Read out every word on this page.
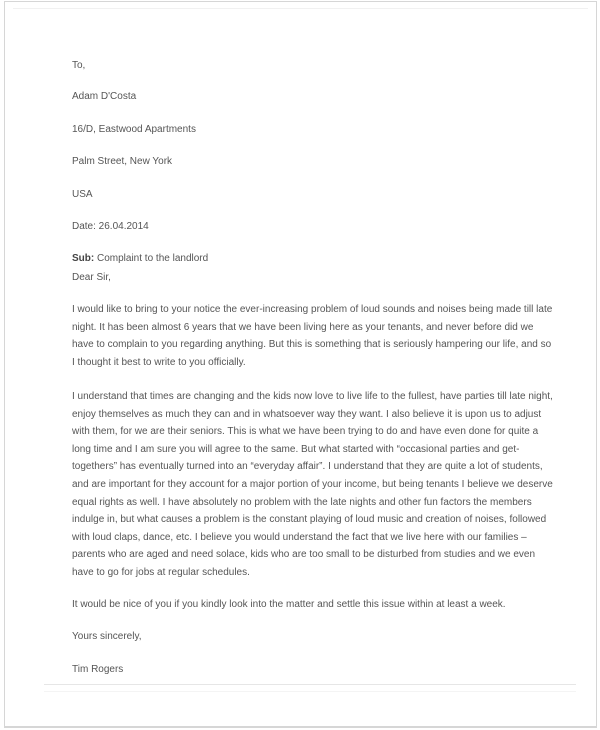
To,
Adam D'Costa
16/D, Eastwood Apartments
Palm Street, New York
USA
Date: 26.04.2014
Sub: Complaint to the landlord
Dear Sir,
I would like to bring to your notice the ever-increasing problem of loud sounds and noises being made till late
night. It has been almost 6 years that we have been living here as your tenants, and never before did we
have to complain to you regarding anything. But this is something that is seriously hampering our life, and so
I thought it best to write to you officially.
I understand that times are changing and the kids now love to live life to the fullest, have parties till late night,
enjoy themselves as much they can and in whatsoever way they want. I also believe it is upon us to adjust
with them, for we are their seniors. This is what we have been trying to do and have even done for quite a
long time and I am sure you will agree to the same. But what started with “occasional parties and get-
togethers” has eventually turned into an “everyday affair”. I understand that they are quite a lot of students,
and are important for they account for a major portion of your income, but being tenants I believe we deserve
equal rights as well. I have absolutely no problem with the late nights and other fun factors the members
indulge in, but what causes a problem is the constant playing of loud music and creation of noises, followed
with loud claps, dance, etc. I believe you would understand the fact that we live here with our families –
parents who are aged and need solace, kids who are too small to be disturbed from studies and we even
have to go for jobs at regular schedules.
It would be nice of you if you kindly look into the matter and settle this issue within at least a week.
Yours sincerely,
Tim Rogers
